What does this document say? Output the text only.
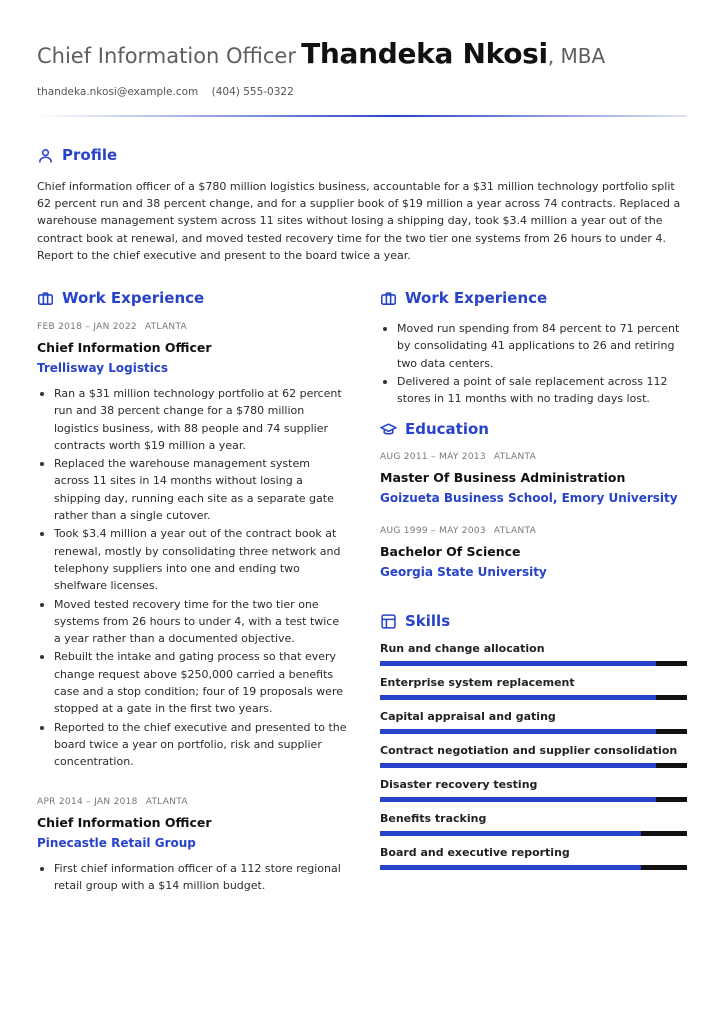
Chief Information Officer Thandeka Nkosi, MBA
thandeka.nkosi@example.com (404) 555-0322
Profile
Chief information officer of a $780 million logistics business, accountable for a $31 million technology portfolio split 62 percent run and 38 percent change, and for a supplier book of $19 million a year across 74 contracts. Replaced a warehouse management system across 11 sites without losing a shipping day, took $3.4 million a year out of the contract book at renewal, and moved tested recovery time for the two tier one systems from 26 hours to under 4. Report to the chief executive and present to the board twice a year.
Work Experience
FEB 2018 – JAN 2022 ATLANTA
Chief Information Officer
Trellisway Logistics
Ran a $31 million technology portfolio at 62 percent run and 38 percent change for a $780 million logistics business, with 88 people and 74 supplier contracts worth $19 million a year.
Replaced the warehouse management system across 11 sites in 14 months without losing a shipping day, running each site as a separate gate rather than a single cutover.
Took $3.4 million a year out of the contract book at renewal, mostly by consolidating three network and telephony suppliers into one and ending two shelfware licenses.
Moved tested recovery time for the two tier one systems from 26 hours to under 4, with a test twice a year rather than a documented objective.
Rebuilt the intake and gating process so that every change request above $250,000 carried a benefits case and a stop condition; four of 19 proposals were stopped at a gate in the first two years.
Reported to the chief executive and presented to the board twice a year on portfolio, risk and supplier concentration.
APR 2014 – JAN 2018 ATLANTA
Chief Information Officer
Pinecastle Retail Group
First chief information officer of a 112 store regional retail group with a $14 million budget.
Work Experience
Moved run spending from 84 percent to 71 percent by consolidating 41 applications to 26 and retiring two data centers.
Delivered a point of sale replacement across 112 stores in 11 months with no trading days lost.
Education
AUG 2011 – MAY 2013 ATLANTA
Master Of Business Administration
Goizueta Business School, Emory University
AUG 1999 – MAY 2003 ATLANTA
Bachelor Of Science
Georgia State University
Skills
Run and change allocation
Enterprise system replacement
Capital appraisal and gating
Contract negotiation and supplier consolidation
Disaster recovery testing
Benefits tracking
Board and executive reporting
